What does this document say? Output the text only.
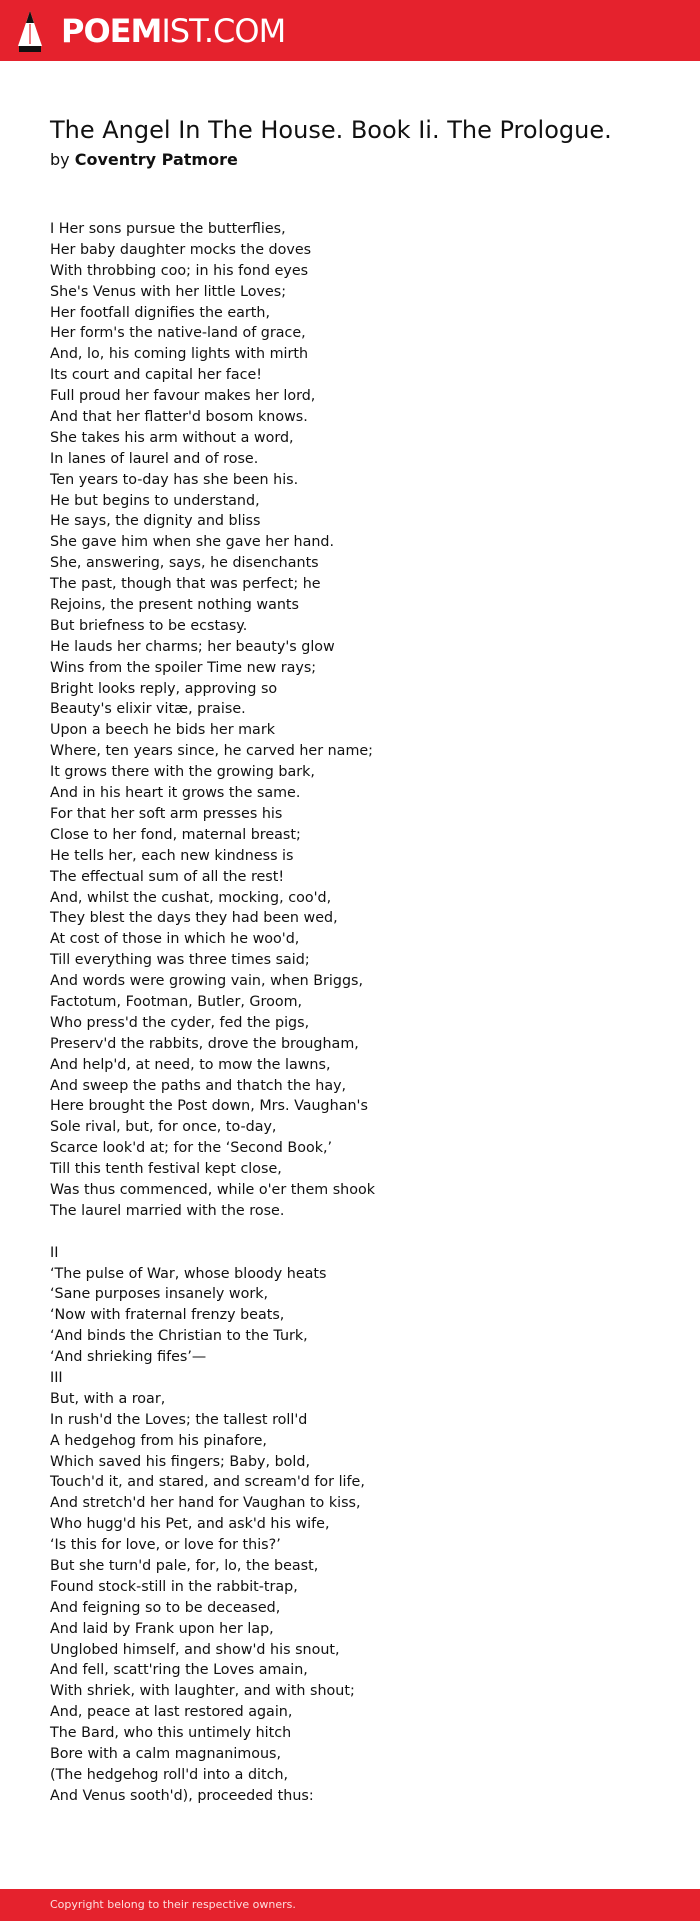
POEMIST.COM
The Angel In The House. Book Ii. The Prologue.
by Coventry Patmore
I Her sons pursue the butterflies,
Her baby daughter mocks the doves
With throbbing coo; in his fond eyes
She's Venus with her little Loves;
Her footfall dignifies the earth,
Her form's the native-land of grace,
And, lo, his coming lights with mirth
Its court and capital her face!
Full proud her favour makes her lord,
And that her flatter'd bosom knows.
She takes his arm without a word,
In lanes of laurel and of rose.
Ten years to-day has she been his.
He but begins to understand,
He says, the dignity and bliss
She gave him when she gave her hand.
She, answering, says, he disenchants
The past, though that was perfect; he
Rejoins, the present nothing wants
But briefness to be ecstasy.
He lauds her charms; her beauty's glow
Wins from the spoiler Time new rays;
Bright looks reply, approving so
Beauty's elixir vitæ, praise.
Upon a beech he bids her mark
Where, ten years since, he carved her name;
It grows there with the growing bark,
And in his heart it grows the same.
For that her soft arm presses his
Close to her fond, maternal breast;
He tells her, each new kindness is
The effectual sum of all the rest!
And, whilst the cushat, mocking, coo'd,
They blest the days they had been wed,
At cost of those in which he woo'd,
Till everything was three times said;
And words were growing vain, when Briggs,
Factotum, Footman, Butler, Groom,
Who press'd the cyder, fed the pigs,
Preserv'd the rabbits, drove the brougham,
And help'd, at need, to mow the lawns,
And sweep the paths and thatch the hay,
Here brought the Post down, Mrs. Vaughan's
Sole rival, but, for once, to-day,
Scarce look'd at; for the ‘Second Book,’
Till this tenth festival kept close,
Was thus commenced, while o'er them shook
The laurel married with the rose.
II
‘The pulse of War, whose bloody heats
‘Sane purposes insanely work,
‘Now with fraternal frenzy beats,
‘And binds the Christian to the Turk,
‘And shrieking fifes’—
III
But, with a roar,
In rush'd the Loves; the tallest roll'd
A hedgehog from his pinafore,
Which saved his fingers; Baby, bold,
Touch'd it, and stared, and scream'd for life,
And stretch'd her hand for Vaughan to kiss,
Who hugg'd his Pet, and ask'd his wife,
‘Is this for love, or love for this?’
But she turn'd pale, for, lo, the beast,
Found stock-still in the rabbit-trap,
And feigning so to be deceased,
And laid by Frank upon her lap,
Unglobed himself, and show'd his snout,
And fell, scatt'ring the Loves amain,
With shriek, with laughter, and with shout;
And, peace at last restored again,
The Bard, who this untimely hitch
Bore with a calm magnanimous,
(The hedgehog roll'd into a ditch,
And Venus sooth'd), proceeded thus:
Copyright belong to their respective owners.
